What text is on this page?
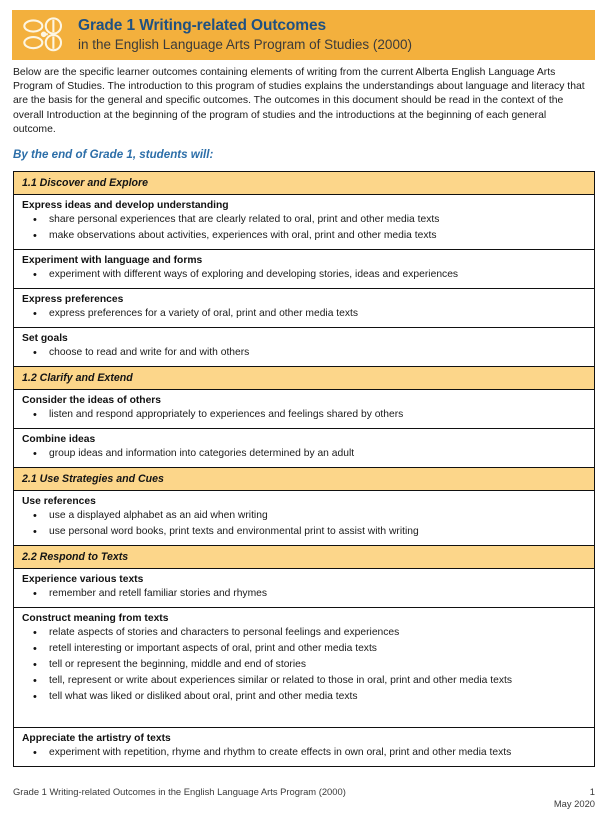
Grade 1 Writing-related Outcomes
in the English Language Arts Program of Studies (2000)
Below are the specific learner outcomes containing elements of writing from the current Alberta English Language Arts Program of Studies. The introduction to this program of studies explains the understandings about language and literacy that are the basis for the general and specific outcomes. The outcomes in this document should be read in the context of the overall Introduction at the beginning of the program of studies and the introductions at the beginning of each general outcome.
By the end of Grade 1, students will:
1.1 Discover and Explore
Express ideas and develop understanding
• share personal experiences that are clearly related to oral, print and other media texts
• make observations about activities, experiences with oral, print and other media texts
Experiment with language and forms
• experiment with different ways of exploring and developing stories, ideas and experiences
Express preferences
• express preferences for a variety of oral, print and other media texts
Set goals
• choose to read and write for and with others
1.2 Clarify and Extend
Consider the ideas of others
• listen and respond appropriately to experiences and feelings shared by others
Combine ideas
• group ideas and information into categories determined by an adult
2.1 Use Strategies and Cues
Use references
• use a displayed alphabet as an aid when writing
• use personal word books, print texts and environmental print to assist with writing
2.2 Respond to Texts
Experience various texts
• remember and retell familiar stories and rhymes
Construct meaning from texts
• relate aspects of stories and characters to personal feelings and experiences
• retell interesting or important aspects of oral, print and other media texts
• tell or represent the beginning, middle and end of stories
• tell, represent or write about experiences similar or related to those in oral, print and other media texts
• tell what was liked or disliked about oral, print and other media texts
Appreciate the artistry of texts
• experiment with repetition, rhyme and rhythm to create effects in own oral, print and other media texts
Grade 1 Writing-related Outcomes in the English Language Arts Program (2000)	1
May 2020
